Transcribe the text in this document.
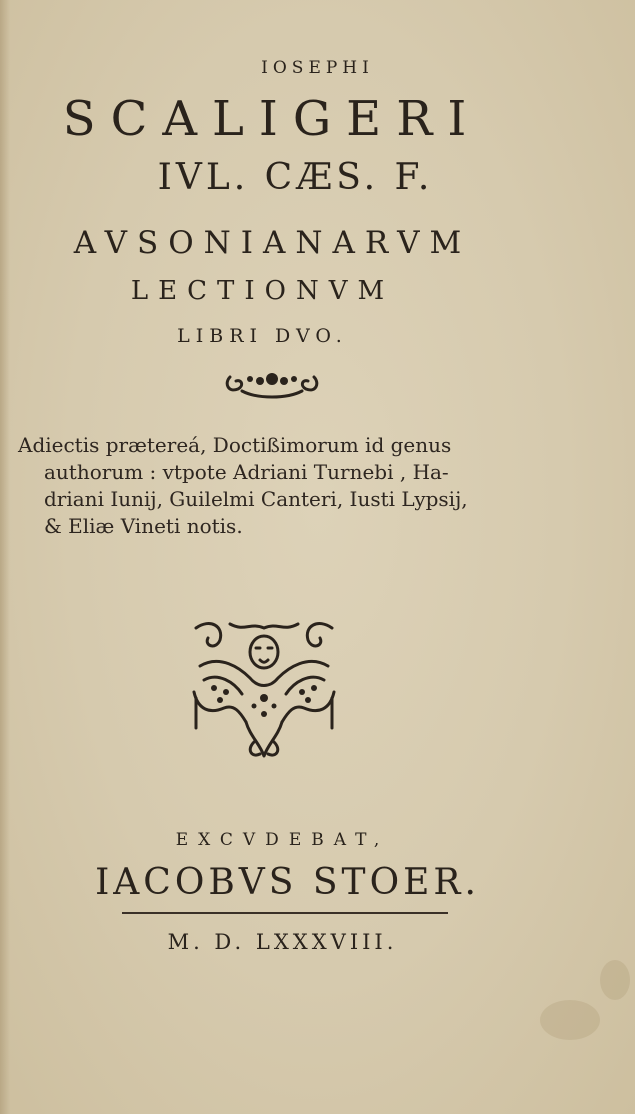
IOSEPHI
SCALIGERI
IVL. CÆS. F.
AVSONIANARVM
LECTIONVM
LIBRI DVO.
Adiectis prætereá, Doctißimorum id genus
authorum : vtpote Adriani Turnebi , Ha-
driani Iunij, Guilelmi Canteri, Iusti Lypsij,
& Eliæ Vineti notis.
EXCVDEBAT,
IACOBVS STOER.
M. D. LXXXVIII.
